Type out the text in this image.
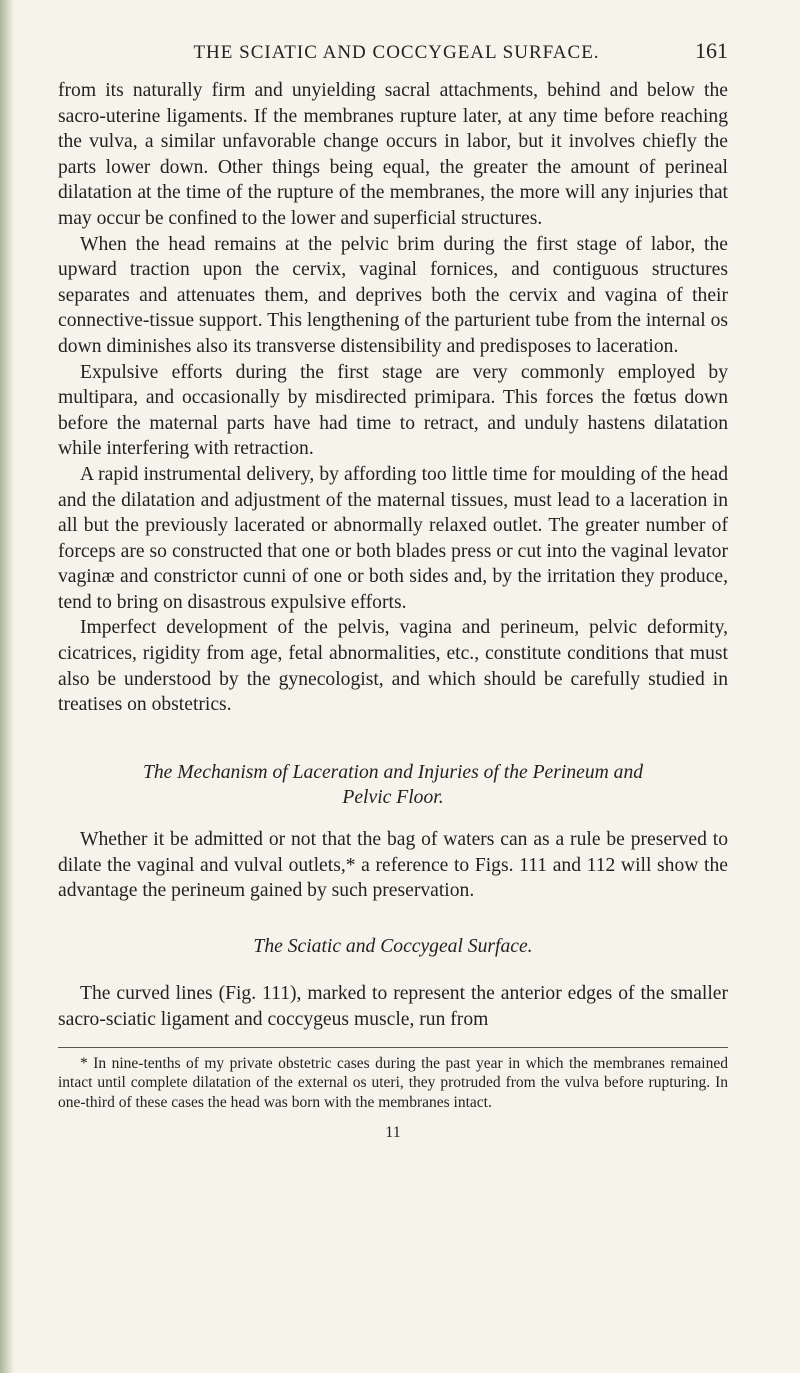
THE SCIATIC AND COCCYGEAL SURFACE.	161

from its naturally firm and unyielding sacral attachments, behind and below the sacro-uterine ligaments. If the membranes rupture later, at any time before reaching the vulva, a similar unfavorable change occurs in labor, but it involves chiefly the parts lower down. Other things being equal, the greater the amount of perineal dilatation at the time of the rupture of the membranes, the more will any injuries that may occur be confined to the lower and superficial structures.

When the head remains at the pelvic brim during the first stage of labor, the upward traction upon the cervix, vaginal fornices, and contiguous structures separates and attenuates them, and deprives both the cervix and vagina of their connective-tissue support. This lengthening of the parturient tube from the internal os down diminishes also its transverse distensibility and predisposes to laceration.

Expulsive efforts during the first stage are very commonly employed by multipara, and occasionally by misdirected primipara. This forces the fœtus down before the maternal parts have had time to retract, and unduly hastens dilatation while interfering with retraction.

A rapid instrumental delivery, by affording too little time for moulding of the head and the dilatation and adjustment of the maternal tissues, must lead to a laceration in all but the previously lacerated or abnormally relaxed outlet. The greater number of forceps are so constructed that one or both blades press or cut into the vaginal levator vaginæ and constrictor cunni of one or both sides and, by the irritation they produce, tend to bring on disastrous expulsive efforts.

Imperfect development of the pelvis, vagina and perineum, pelvic deformity, cicatrices, rigidity from age, fetal abnormalities, etc., constitute conditions that must also be understood by the gynecologist, and which should be carefully studied in treatises on obstetrics.

The Mechanism of Laceration and Injuries of the Perineum and
Pelvic Floor.

Whether it be admitted or not that the bag of waters can as a rule be preserved to dilate the vaginal and vulval outlets,* a reference to Figs. 111 and 112 will show the advantage the perineum gained by such preservation.

The Sciatic and Coccygeal Surface.

The curved lines (Fig. 111), marked to represent the anterior edges of the smaller sacro-sciatic ligament and coccygeus muscle, run from

* In nine-tenths of my private obstetric cases during the past year in which the membranes remained intact until complete dilatation of the external os uteri, they protruded from the vulva before rupturing. In one-third of these cases the head was born with the membranes intact.

11
